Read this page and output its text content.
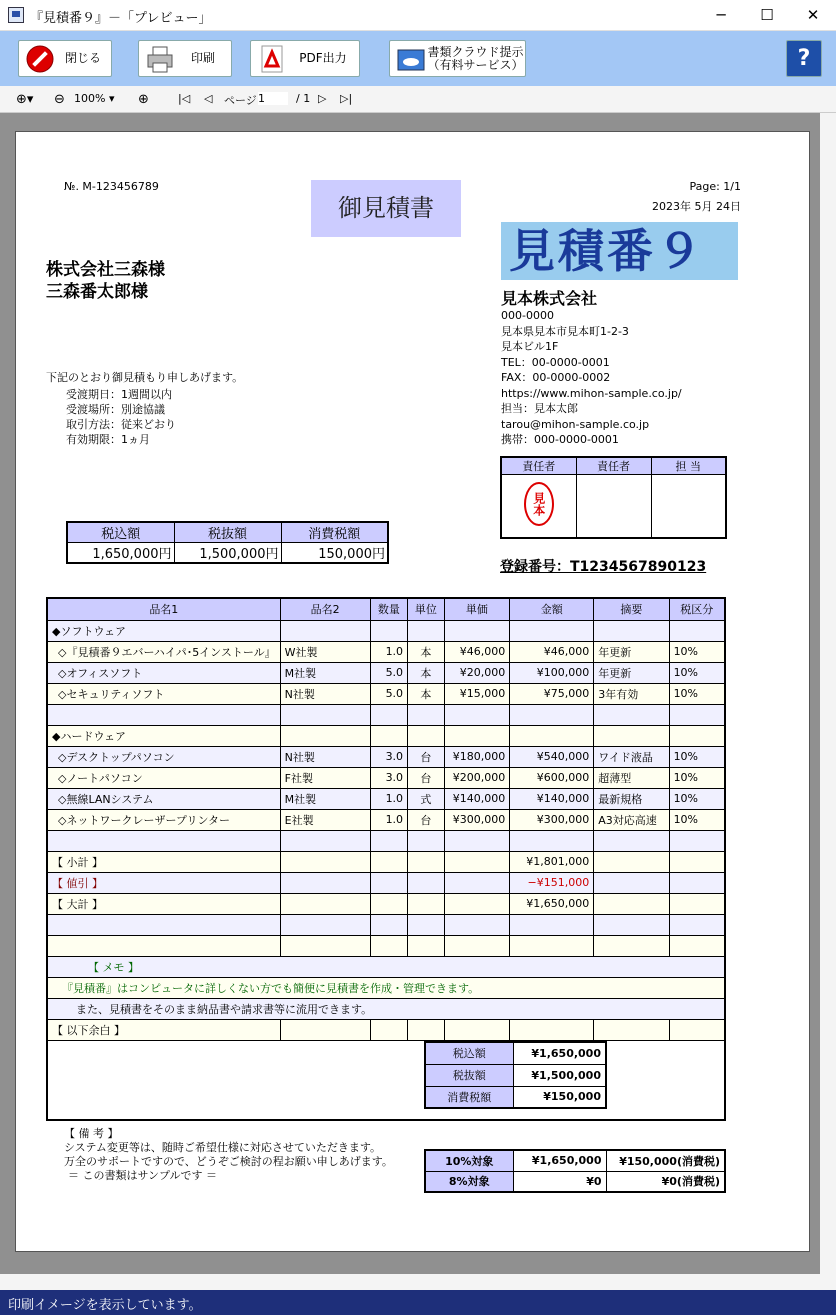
『見積番９』－「プレビュー」	─	☐	✕
閉じる	印刷	PDF出力	書類クラウド提示
（有料サービス）	?
⊕▾ ⊖ 100% ▾	⊕	|◁ ◁ ページ 1	/ 1 ▷ ▷|
№. M-123456789
御見積書
Page: 1/1
2023年 5月 24日
見積番９
株式会社三森様
三森番太郎様	見本株式会社
000-0000
見本県見本市見本町1-2-3
見本ビル1F
TEL：00-0000-0001
FAX：00-0000-0002
https://www.mihon-sample.co.jp/
担当：見本太郎
tarou@mihon-sample.co.jp
携帯：000-0000-0001
下記のとおり御見積もり申しあげます。
受渡期日：1週間以内
受渡場所：別途協議
取引方法：従来どおり
有効期限：1ヵ月
責任者	責任者	担 当
見本		
税込額	税抜額	消費税額
1,650,000円	1,500,000円	150,000円
登録番号：T1234567890123
品名1	品名2	数量	単位	単価	金額	摘要	税区分
◆ソフトウェア							
◇『見積番９エバーハイパ･5インストール』	W社製	1.0	本	¥46,000	¥46,000	年更新	10%
◇オフィスソフト	M社製	5.0	本	¥20,000	¥100,000	年更新	10%
◇セキュリティソフト	N社製	5.0	本	¥15,000	¥75,000	3年有効	10%

◆ハードウェア							
◇デスクトップパソコン	N社製	3.0	台	¥180,000	¥540,000	ワイド液晶	10%
◇ノートパソコン	F社製	3.0	台	¥200,000	¥600,000	超薄型	10%
◇無線LANシステム	M社製	1.0	式	¥140,000	¥140,000	最新規格	10%
◇ネットワークレーザープリンター	E社製	1.0	台	¥300,000	¥300,000	A3対応高速	10%

【 小計 】					¥1,801,000		
【 値引 】					−¥151,000		
【 大計 】					¥1,650,000		

【 メモ 】							
『見積番』はコンピュータに詳しくない方でも簡便に見積書を作成・管理できます。							
また、見積書をそのまま納品書や請求書等に流用できます。							
【 以下余白 】							

税込額	¥1,650,000
税抜額	¥1,500,000
消費税額	¥150,000
【 備 考 】
システム変更等は、随時ご希望仕様に対応させていただきます。
万全のサポートですので、どうぞご検討の程お願い申しあげます。
＝ この書類はサンプルです ＝
10%対象	¥1,650,000	¥150,000(消費税)
8%対象	¥0	¥0(消費税)
印刷イメージを表示しています。
